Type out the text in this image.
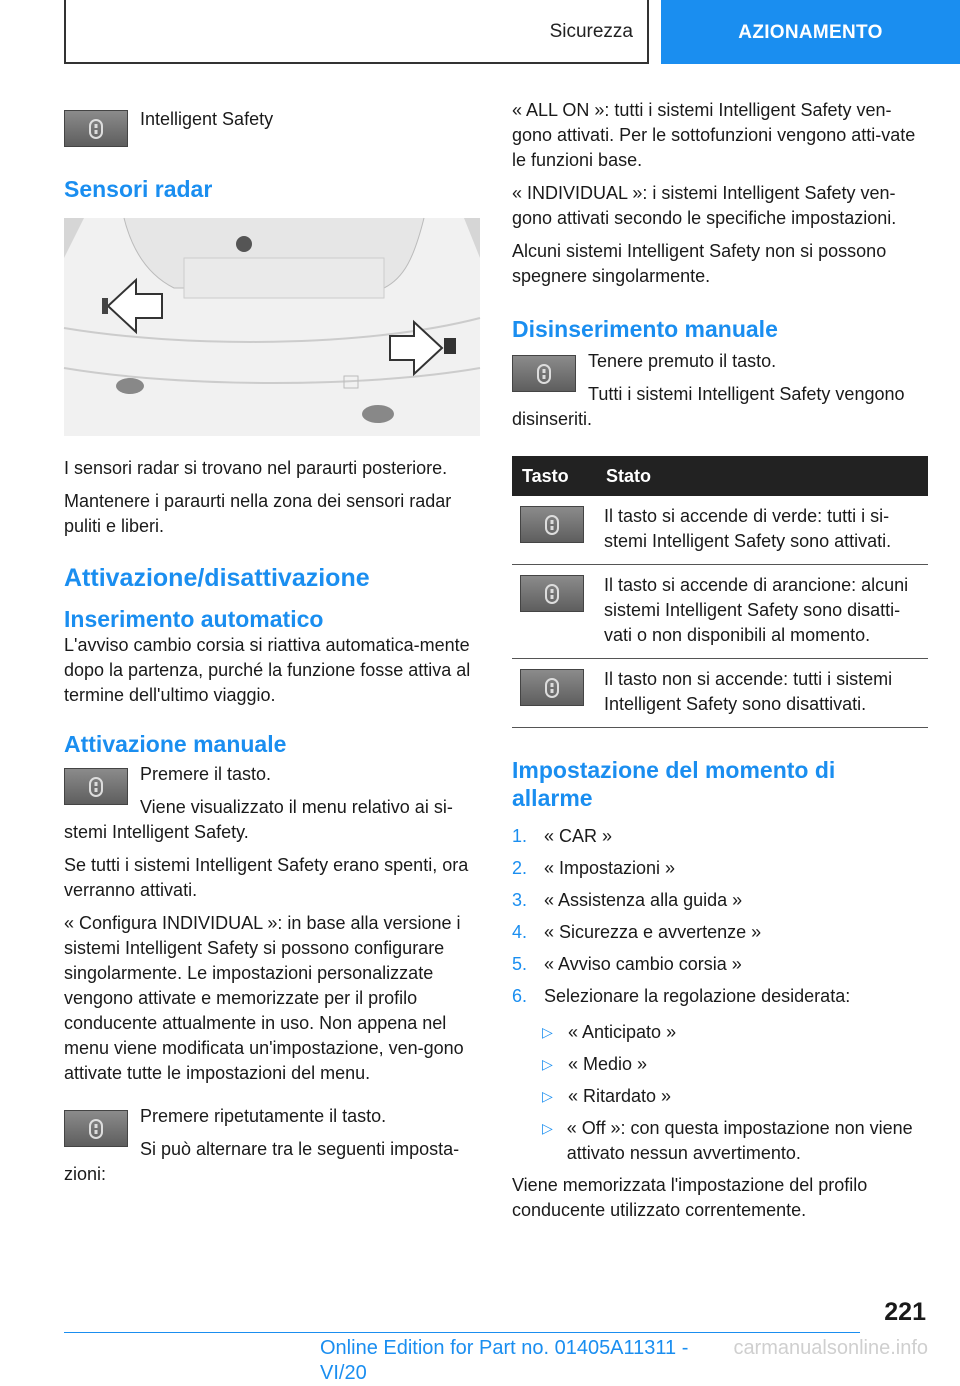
Sicurezza	AZIONAMENTO

Intelligent Safety

Sensori radar

I sensori radar si trovano nel paraurti posteriore.

Mantenere i paraurti nella zona dei sensori radar puliti e liberi.

Attivazione/disattivazione
Inserimento automatico

L'avviso cambio corsia si riattiva automatica-mente dopo la partenza, purché la funzione fosse attiva al termine dell'ultimo viaggio.

Attivazione manuale

Premere il tasto.

Viene visualizzato il menu relativo ai si-stemi Intelligent Safety.

Se tutti i sistemi Intelligent Safety erano spenti, ora verranno attivati.

« Configura INDIVIDUAL »: in base alla versione i sistemi Intelligent Safety si possono configurare singolarmente. Le impostazioni personalizzate vengono attivate e memorizzate per il profilo conducente attualmente in uso. Non appena nel menu viene modificata un'impostazione, ven-gono attivate tutte le impostazioni del menu.

Premere ripetutamente il tasto.

Si può alternare tra le seguenti imposta-zioni:

« ALL ON »: tutti i sistemi Intelligent Safety ven-gono attivati. Per le sottofunzioni vengono atti-vate le funzioni base.

« INDIVIDUAL »: i sistemi Intelligent Safety ven-gono attivati secondo le specifiche impostazioni.

Alcuni sistemi Intelligent Safety non si possono spegnere singolarmente.

Disinserimento manuale

Tenere premuto il tasto.

Tutti i sistemi Intelligent Safety vengono disinseriti.

Tasto	Stato

	Il tasto si accende di verde: tutti i si-stemi Intelligent Safety sono attivati.

	Il tasto si accende di arancione: alcuni sistemi Intelligent Safety sono disatti-vati o non disponibili al momento.

	Il tasto non si accende: tutti i sistemi Intelligent Safety sono disattivati.
Impostazione del momento di allarme
1. « CAR »
2. « Impostazioni »
3. « Assistenza alla guida »
4. « Sicurezza e avvertenze »
5. « Avviso cambio corsia »
6. Selezionare la regolazione desiderata:
▷ « Anticipato »
▷ « Medio »
▷ « Ritardato »
▷ « Off »: con questa impostazione non viene attivato nessun avvertimento.

Viene memorizzata l'impostazione del profilo conducente utilizzato correntemente.

221
Online Edition for Part no. 01405A11311 - VI/20
carmanualsonline.info
